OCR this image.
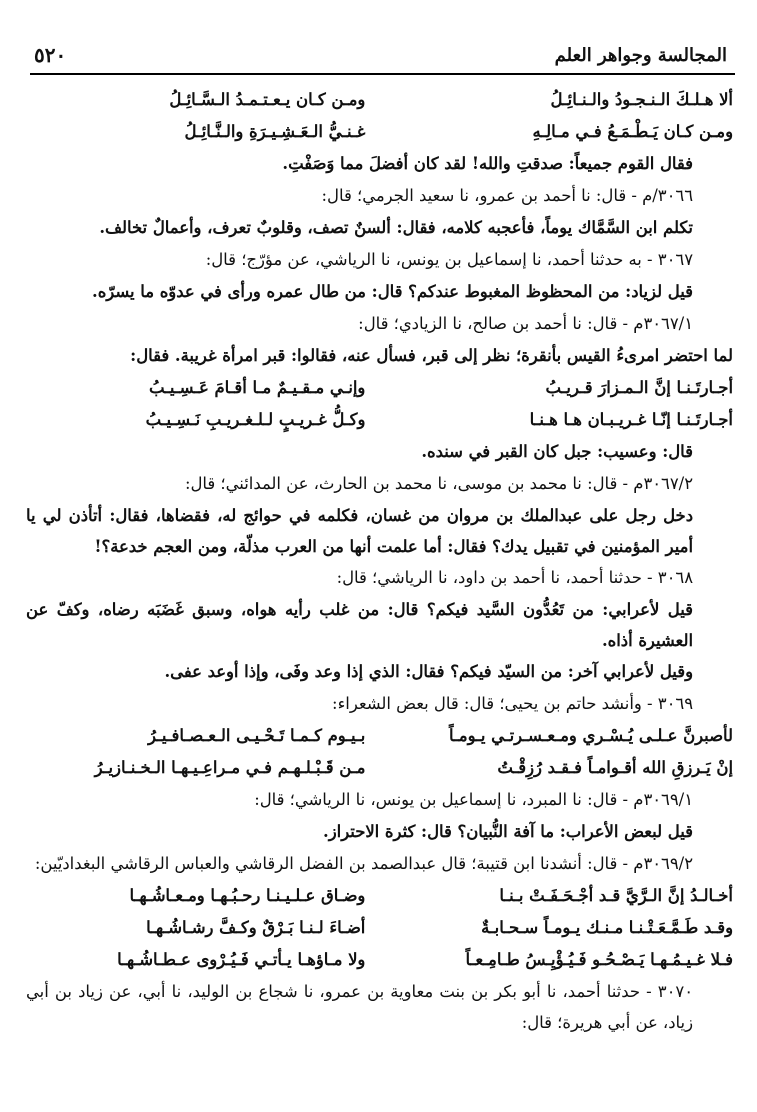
المجالسة وجواهر العلم
٥٢٠
ألا هـلـكَ الـنـجـودُ والـنـائِـلُ
ومـن كـان يـعـتـمـدُ الـسَّـائِـلُ
ومـن كـان يَـطْـمَـعُ فـي مـالِـهِ
غـنـيُّ الـعَـشِـيـرَةِ والـنَّـائِـلُ
فقال القوم جميعاً: صدقتِ والله! لقد كان أفضلَ مما وَصَفْتِ.
٣٠٦٦/م - قال: نا أحمد بن عمرو، نا سعيد الجرمي؛ قال:
تكلم ابن السَّمَّاك يوماً، فأعجبه كلامه، فقال: ألسنٌ تصف، وقلوبٌ تعرف، وأعمالٌ تخالف.
٣٠٦٧ - به حدثنا أحمد، نا إسماعيل بن يونس، نا الرياشي، عن مؤرّج؛ قال:
قيل لزياد: من المحظوظ المغبوط عندكم؟ قال: من طال عمره ورأى في عدوّه ما يسرّه.
٣٠٦٧/١م - قال: نا أحمد بن صالح، نا الزيادي؛ قال:
لما احتضر امرىءُ القيس بأنقرة؛ نظر إلى قبر، فسأل عنه، فقالوا: قبر امرأة غريبة. فقال:
أجـارتَـنـا إنَّ الـمـزارَ قـريـبُ
وإنـي مـقـيـمٌ مـا أقـامَ عَـسِـيـبُ
أجـارتَـنـا إنّـا غـريـبـان هـا هـنـا
وكـلُّ غـريـبٍ لـلـغـريـبِ نَـسِـيـبُ
قال: وعسيب: جبل كان القبر في سنده.
٣٠٦٧/٢م - قال: نا محمد بن موسى، نا محمد بن الحارث، عن المدائني؛ قال:
دخل رجل على عبدالملك بن مروان من غسان، فكلمه في حوائج له، فقضاها، فقال: أتأذن لي يا أمير المؤمنين في تقبيل يدك؟ فقال: أما علمت أنها من العرب مذلّة، ومن العجم خدعة؟!
٣٠٦٨ - حدثنا أحمد، نا أحمد بن داود، نا الرياشي؛ قال:
قيل لأعرابي: من تَعُدُّون السَّيد فيكم؟ قال: من غلب رأيه هواه، وسبق غَضَبَه رضاه، وكفّ عن العشيرة أذاه.
وقيل لأعرابي آخر: من السيّد فيكم؟ فقال: الذي إذا وعد وفَى، وإذا أوعد عفى.
٣٠٦٩ - وأنشد حاتم بن يحيى؛ قال: قال بعض الشعراء:
لأصبرنَّ عـلـى يُـسْـري ومـعـسـرتـي يـومـاً
بـيـوم كـمـا تَـحْـيـى الـعـصـافـيـرُ
إنْ يَـرزقِ الله أقـوامـاً فـقـد رُزِقْـتُ
مـن قَـبْـلـهـم فـي مـراعِـيـهـا الـخـنـازيـرُ
٣٠٦٩/١م - قال: نا المبرد، نا إسماعيل بن يونس، نا الرياشي؛ قال:
قيل لبعض الأعراب: ما آفة النُّبيان؟ قال: كثرة الاحتراز.
٣٠٦٩/٢م - قال: أنشدنا ابن قتيبة؛ قال عبدالصمد بن الفضل الرقاشي والعباس الرقاشي البغداديّين:
أخـالـدُ إنَّ الـرَّيَّ قـد أجْـحَـفَـتْ بـنـا
وضـاق عـلـيـنـا رحـبُـهـا ومـعـاشُـهـا
وقـد طَـمَّـعَـتْـنـا مـنـك يـومـاً سـحـابـةٌ
أضـاءَ لـنـا بَـرْقٌ وكـفَّ رشـاشُـهـا
فـلا غـيـمُـهـا يَـصْـحُـو فَـيُـؤْيِـسُ طـامِـعـاً
ولا مـاؤهـا يـأتـي فَـيُـرْوى عـطـاشُـهـا
٣٠٧٠ - حدثنا أحمد، نا أبو بكر بن بنت معاوية بن عمرو، نا شجاع بن الوليد، نا أبي، عن زياد بن أبي زياد، عن أبي هريرة؛ قال:
